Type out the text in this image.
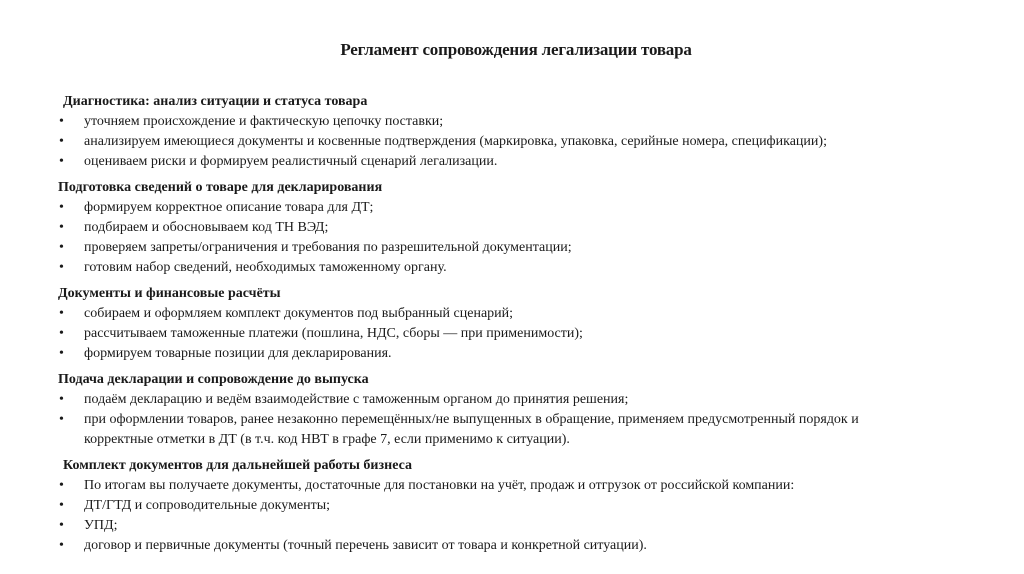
Регламент сопровождения легализации товара

Диагностика: анализ ситуации и статуса товара

•	уточняем происхождение и фактическую цепочку поставки;
•	анализируем имеющиеся документы и косвенные подтверждения (маркировка, упаковка, серийные номера, спецификации);
•	оцениваем риски и формируем реалистичный сценарий легализации.

Подготовка сведений о товаре для декларирования

•	формируем корректное описание товара для ДТ;
•	подбираем и обосновываем код ТН ВЭД;
•	проверяем запреты/ограничения и требования по разрешительной документации;
•	готовим набор сведений, необходимых таможенному органу.

Документы и финансовые расчёты

•	собираем и оформляем комплект документов под выбранный сценарий;
•	рассчитываем таможенные платежи (пошлина, НДС, сборы — при применимости);
•	формируем товарные позиции для декларирования.

Подача декларации и сопровождение до выпуска

•	подаём декларацию и ведём взаимодействие с таможенным органом до принятия решения;
•	при оформлении товаров, ранее незаконно перемещённых/не выпущенных в обращение, применяем предусмотренный порядок и корректные отметки в ДТ (в т.ч. код НВТ в графе 7, если применимо к ситуации).

Комплект документов для дальнейшей работы бизнеса

•	По итогам вы получаете документы, достаточные для постановки на учёт, продаж и отгрузок от российской компании:
•	ДТ/ГТД и сопроводительные документы;
•	УПД;
•	договор и первичные документы (точный перечень зависит от товара и конкретной ситуации).
